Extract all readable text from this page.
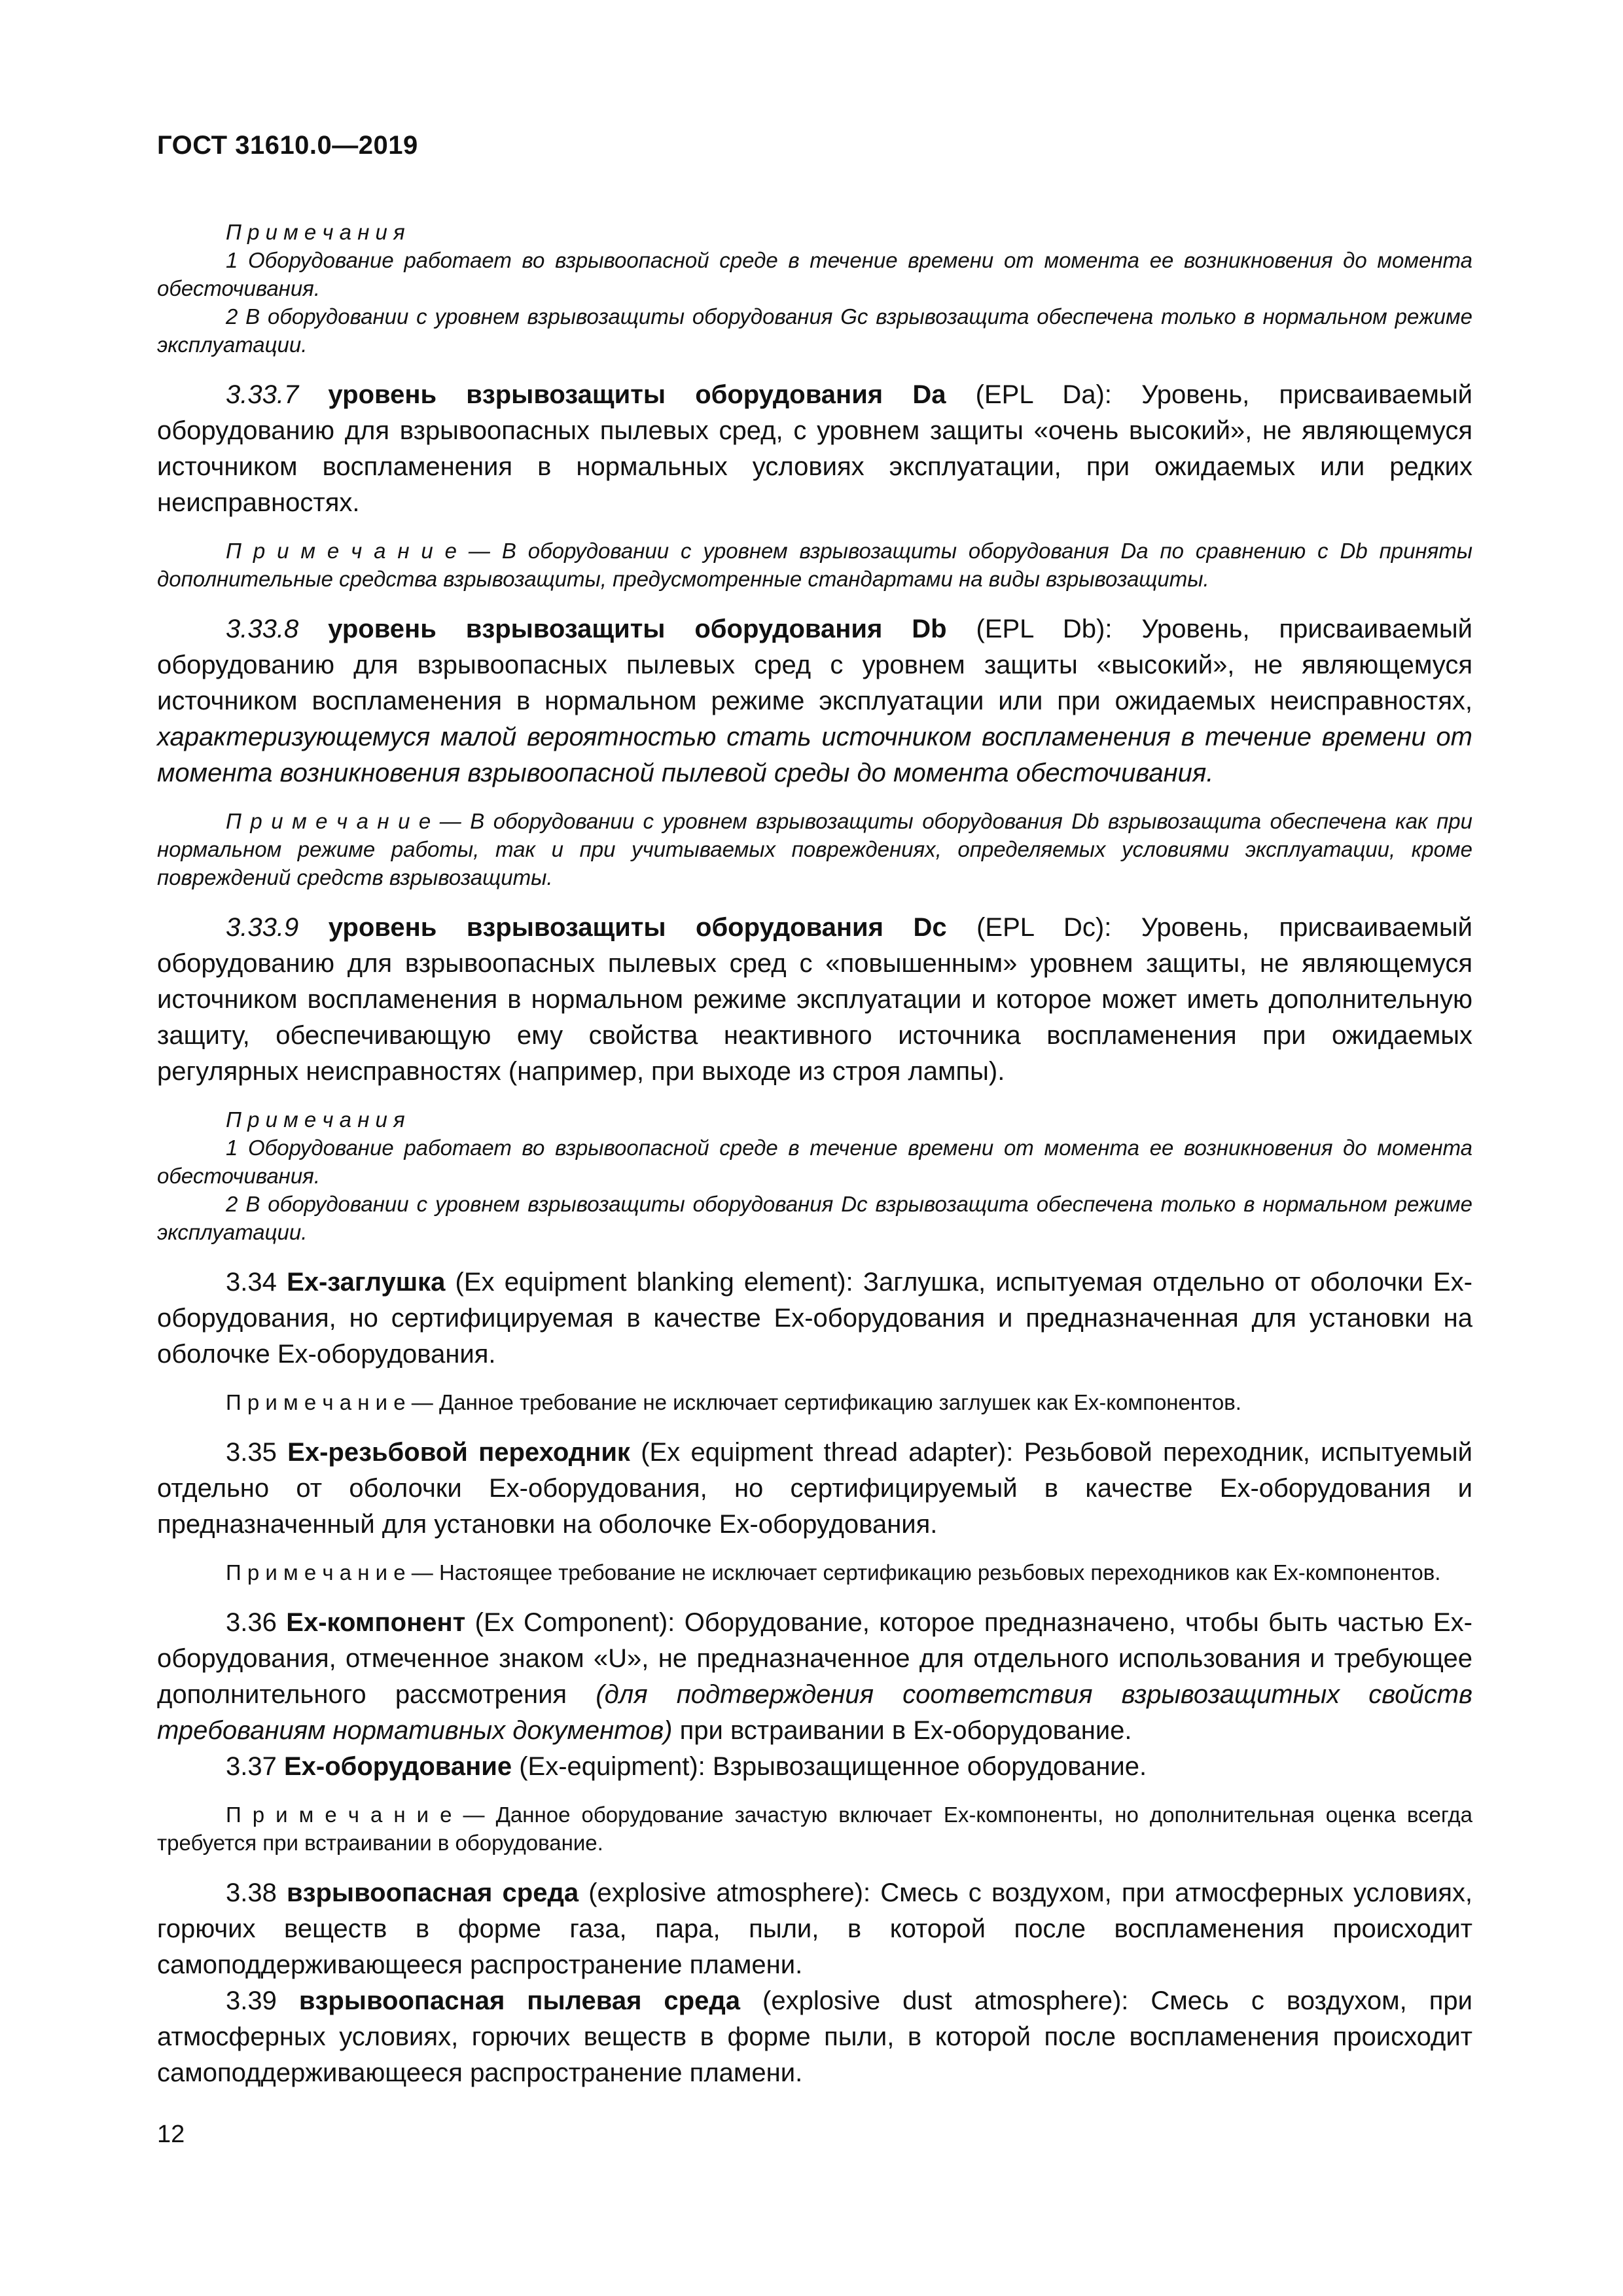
ГОСТ 31610.0—2019
П р и м е ч а н и я
1 Оборудование работает во взрывоопасной среде в течение времени от момента ее возникновения до момента обесточивания.
2 В оборудовании с уровнем взрывозащиты оборудования Gc взрывозащита обеспечена только в нормальном режиме эксплуатации.

3.33.7 уровень взрывозащиты оборудования Da (EPL Da): Уровень, присваиваемый оборудованию для взрывоопасных пылевых сред, с уровнем защиты «очень высокий», не являющемуся источником воспламенения в нормальных условиях эксплуатации, при ожидаемых или редких неисправностях.

П р и м е ч а н и е — В оборудовании с уровнем взрывозащиты оборудования Da по сравнению с Db приняты дополнительные средства взрывозащиты, предусмотренные стандартами на виды взрывозащиты.

3.33.8 уровень взрывозащиты оборудования Db (EPL Db): Уровень, присваиваемый оборудованию для взрывоопасных пылевых сред с уровнем защиты «высокий», не являющемуся источником воспламенения в нормальном режиме эксплуатации или при ожидаемых неисправностях, характеризующемуся малой вероятностью стать источником воспламенения в течение времени от момента возникновения взрывоопасной пылевой среды до момента обесточивания.

П р и м е ч а н и е — В оборудовании с уровнем взрывозащиты оборудования Db взрывозащита обеспечена как при нормальном режиме работы, так и при учитываемых повреждениях, определяемых условиями эксплуатации, кроме повреждений средств взрывозащиты.

3.33.9 уровень взрывозащиты оборудования Dc (EPL Dc): Уровень, присваиваемый оборудованию для взрывоопасных пылевых сред с «повышенным» уровнем защиты, не являющемуся источником воспламенения в нормальном режиме эксплуатации и которое может иметь дополнительную защиту, обеспечивающую ему свойства неактивного источника воспламенения при ожидаемых регулярных неисправностях (например, при выходе из строя лампы).

П р и м е ч а н и я
1 Оборудование работает во взрывоопасной среде в течение времени от момента ее возникновения до момента обесточивания.
2 В оборудовании с уровнем взрывозащиты оборудования Dc взрывозащита обеспечена только в нормальном режиме эксплуатации.

3.34 Ex-заглушка (Ex equipment blanking element): Заглушка, испытуемая отдельно от оболочки Ex-оборудования, но сертифицируемая в качестве Ex-оборудования и предназначенная для установки на оболочке Ex-оборудования.

П р и м е ч а н и е — Данное требование не исключает сертификацию заглушек как Ex-компонентов.

3.35 Ex-резьбовой переходник (Ex equipment thread adapter): Резьбовой переходник, испытуемый отдельно от оболочки Ex-оборудования, но сертифицируемый в качестве Ex-оборудования и предназначенный для установки на оболочке Ex-оборудования.

П р и м е ч а н и е — Настоящее требование не исключает сертификацию резьбовых переходников как Ex-компонентов.

3.36 Ex-компонент (Ex Component): Оборудование, которое предназначено, чтобы быть частью Ex-оборудования, отмеченное знаком «U», не предназначенное для отдельного использования и требующее дополнительного рассмотрения (для подтверждения соответствия взрывозащитных свойств требованиям нормативных документов) при встраивании в Ex-оборудование.

3.37 Ex-оборудование (Ex-equipment): Взрывозащищенное оборудование.

П р и м е ч а н и е — Данное оборудование зачастую включает Ex-компоненты, но дополнительная оценка всегда требуется при встраивании в оборудование.

3.38 взрывоопасная среда (explosive atmosphere): Смесь с воздухом, при атмосферных условиях, горючих веществ в форме газа, пара, пыли, в которой после воспламенения происходит самоподдерживающееся распространение пламени.

3.39 взрывоопасная пылевая среда (explosive dust atmosphere): Смесь с воздухом, при атмосферных условиях, горючих веществ в форме пыли, в которой после воспламенения происходит самоподдерживающееся распространение пламени.

12
